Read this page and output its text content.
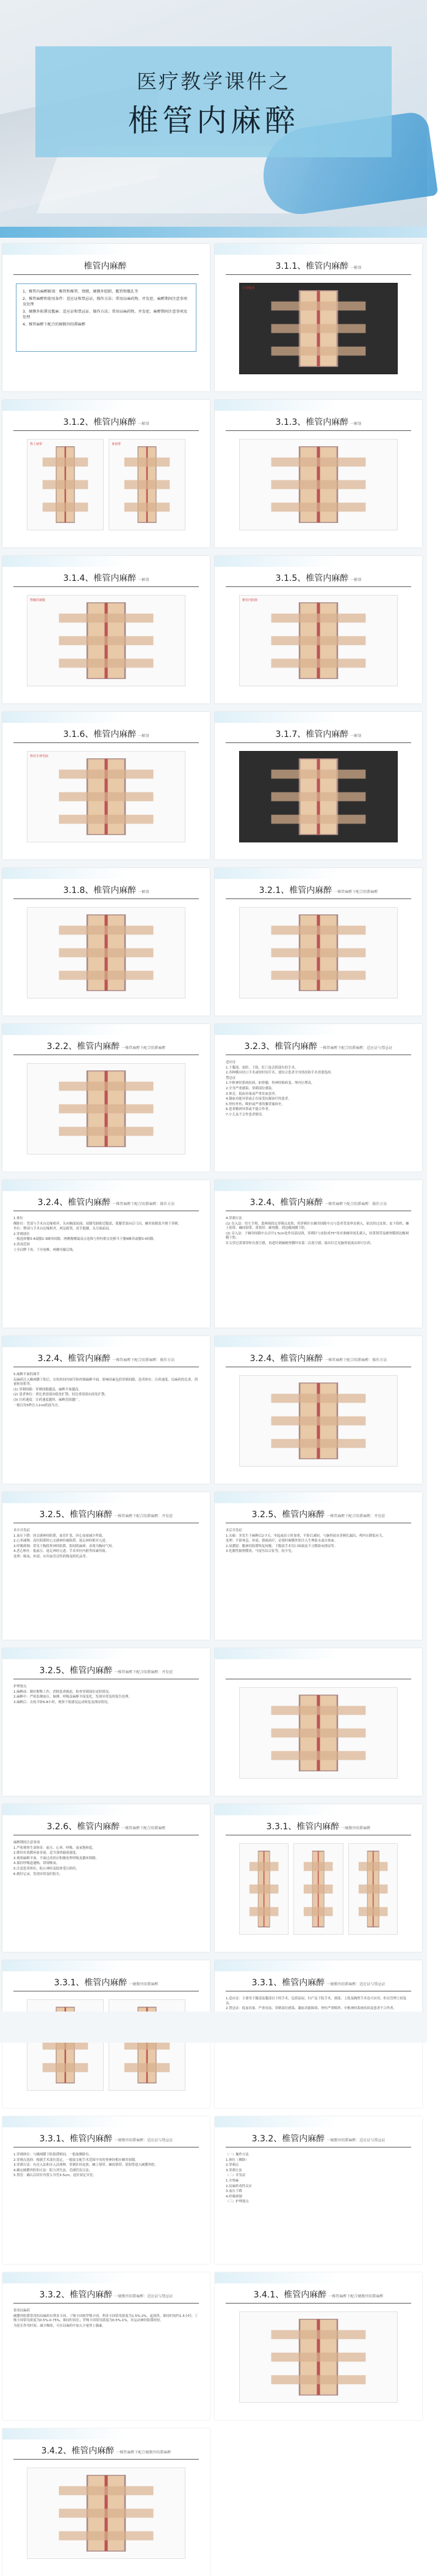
医疗教学课件之
椎管内麻醉
椎管内麻醉
1、椎管内麻醉解剖：椎管和椎管、脊膜、硬膜外腔隙、骶管和骶孔等
2、椎管麻醉和使用条件：适应证和禁忌证、操作方法；常用局麻药物、并发症、麻醉期间注意事项及处理
3、硬膜外阻滞及骶麻：适应证和禁忌证、操作方法；常用局麻药物、并发症、麻醉期间注意事项及处理
4、椎管麻醉下配合的硬膜外阻滞麻醉
3.1.1、椎管内麻醉 一解剖
正常解剖
3.1.2、椎管内麻醉 一解剖
脊上韧带	黄韧带
3.1.3、椎管内麻醉 一解剖
3.1.4、椎管内麻醉 一解剖
脊髓的被膜
3.1.5、椎管内麻醉 一解剖
椎管内腔隙
3.1.6、椎管内麻醉 一解剖
脊柱生理弯曲
3.1.7、椎管内麻醉 一解剖
3.1.8、椎管内麻醉 一解剖	3.2.1、椎管内麻醉 一椎管麻醉下配合阻滞麻醉
3.2.2、椎管内麻醉 一椎管麻醉下配合阻滞麻醉	3.2.3、椎管内麻醉 一椎管麻醉下配合阻滞麻醉：适应证与禁忌证

适应证

1.下腹部、盆腔、下肢、肛门及会阴部位的手术。

2.各种横向切口手术或短时间手术，要结合患者全身情况和手术需要选择。

禁忌证

1.中枢神经系统疾病，如脊髓、脊神经根病变、颅内压增高。

2.全身严重感染、穿刺部位感染。

3.休克、低血容量或严重贫血患者。

4.凝血功能异常或正在接受抗凝治疗的患者。

5.脊柱外伤、畸形或严重的腰背痛病史。

6.患者精神异常或不能合作者。

7.小儿及不合作患者慎用。

3.2.4、椎管内麻醉 一椎管麻醉下配合阻滞麻醉：操作方法

1.体位

侧卧位：背部与手术台边缘相齐，头向胸部屈曲，双膝弯曲贴近腹部，使腰背部向后弓出，棘突间隙张开便于穿刺。

坐位：臀部与手术台边缘相齐，两足踏凳，双手抱膝，头尽量前屈。

2.穿刺部位

一般选择腰3-4或腰2-3棘突间隙，两侧髂嵴最高点连线与脊柱相交处相当于腰4棘突或腰3-4间隙。

3.消毒范围

上至肩胛下角，下至尾椎，两侧至腋后线。

3.2.4、椎管内麻醉 一椎管麻醉下配合阻滞麻醉：操作方法

4.穿刺方法

(1) 直入法：用左手拇、食两指固定穿刺点皮肤，将穿刺针在棘突间隙中点与患者背部垂直刺入，依次经过皮肤、皮下组织、棘上韧带、棘间韧带、黄韧带、硬脊膜，到达蛛网膜下腔。

(2) 旁入法：于棘突间隙中点旁开1.5cm处作局部浸润，穿刺针与皮肤成75°角对准棘突间孔刺入，经黄韧带及硬脊膜到达蛛网膜下腔。

针尖穿过黄韧带时有落空感，再进针刺破硬脊膜时有第二次落空感，拔出针芯见脑脊液流出即可注药。

3.2.4、椎管内麻醉 一椎管麻醉下配合阻滞麻醉：操作方法

5.麻醉平面的调节

局麻药注入蛛网膜下腔后，在短时间内调节和控制麻醉平面，影响因素包括穿刺间隙、患者体位、注药速度、局麻药的比重、剂量和容积等。

(1) 穿刺间隙：穿刺间隙越高，麻醉平面越高。

(2) 患者体位：重比重溶液向低处扩散，轻比重溶液向高处扩散。

(3) 注药速度：注药速度越快，麻醉范围越广。

一般以每5秒注入1ml药液为宜。

3.2.4、椎管内麻醉 一椎管麻醉下配合阻滞麻醉：操作方法
3.2.5、椎管内麻醉 一椎管麻醉下配合阻滞麻醉：并发症

术中并发症

1.血压下降：因交感神经阻滞，血管扩张，回心血量减少所致。

2.心率减慢：高位阻滞时心交感神经被阻滞，迷走神经相对亢进。

3.呼吸抑制：常见于胸段脊神经阻滞，肋间肌麻痹，表现为胸闷气短。

4.恶心呕吐：低血压、迷走神经亢进、手术牵拉内脏等因素所致。

处理：吸氧、补液、应用血管活性药物及阿托品等。

3.2.5、椎管内麻醉 一椎管麻醉下配合阻滞麻醉：并发症

术后并发症

1.头痛：多发生于麻醉后2-7天，坐起或站立时加重，平卧后减轻。与脑脊液从穿刺孔漏出、颅内压降低有关。

处理：平卧休息、补液、镇痛治疗，必要时硬膜外腔注入生理盐水或自体血。

2.尿潴留：骶神经阻滞恢复较晚，下腹部手术切口疼痛及不习惯卧床排尿等。

3.化脓性脑脊膜炎、马尾丛综合征等，较少见。

3.2.5、椎管内麻醉 一椎管麻醉下配合阻滞麻醉：并发症

护理要点

1.麻醉前：做好解释工作，消除患者顾虑，检查穿刺部位皮肤情况。

2.麻醉中：严密监测血压、脉搏、呼吸及麻醉平面变化，发现异常及时报告处理。

3.麻醉后：去枕平卧6-8小时，观察下肢感觉运动恢复及排尿情况。

3.2.6、椎管内麻醉 一椎管麻醉下配合阻滞麻醉

麻醉期间注意事项

1.严密观察生命体征：血压、心率、呼吸、血氧饱和度。

2.维持有效循环血容量，适当加快输液速度。

3.观察麻醉平面，平面过高时应积极处理呼吸及循环抑制。

4.保持呼吸道通畅，常规吸氧。

5.注意患者体位，防止神经及肢体受压损伤。

6.做好记录，发现异常及时报告。

3.3.1、椎管内麻醉 一硬膜外阻滞麻醉
3.3.1、椎管内麻醉 一硬膜外阻滞麻醉	3.3.1、椎管内麻醉 一硬膜外阻滞麻醉：适应证与禁忌证

1.适应证：主要用于腹部及腹部以下的手术，包括泌尿、妇产及下肢手术。颈部、上肢及胸壁手术也可应用，但在管理上较复杂。

2.禁忌证：低血容量、严重贫血、穿刺部位感染、凝血功能障碍、脊柱严重畸形、中枢神经系统疾病及患者不合作者。

3.3.1、椎管内麻醉 一硬膜外阻滞麻醉：适应证与禁忌证

1.穿刺体位：与蛛网膜下腔阻滞相同，一般取侧卧位。

2.穿刺点选择：根据手术部位选定，一般取支配手术范围中央的脊神经相应棘突间隙。

3.穿刺方法：有直入法和旁入法两种，穿刺针经皮肤、棘上韧带、棘间韧带、黄韧带进入硬膜外腔。

4.确定硬膜外腔的方法：阻力消失法、毛细管负压法。

5.置管：确认后经针内置入导管3-5cm，退针固定导管。

3.3.2、椎管内麻醉 一硬膜外阻滞麻醉：适应证与禁忌证

（一）操作方法

1.体位（侧卧）

2.穿刺点

3.穿刺方法

（二）并发症

1.全脊麻

2.局麻药毒性反应

3.血压下降

4.呼吸抑制

（三）护理要点

3.3.2、椎管内麻醉 一硬膜外阻滞麻醉：适应证与禁忌证

常用局麻药

硬膜外阻滞常用的局麻药有利多卡因、丁哌卡因和罗哌卡因。利多卡因常用浓度为1.5%-2%，起效快，维持时间约1.5小时；丁哌卡因常用浓度为0.5%-0.75%，维持时间长；罗哌卡因常用浓度为0.5%-1%，对运动神经阻滞较轻。

为延长作用时间、减少吸收，可在局麻药中加入少量肾上腺素。

3.4.1、椎管内麻醉 一椎管麻醉下配合硬膜外阻滞麻醉
3.4.2、椎管内麻醉 一椎管麻醉下配合硬膜外阻滞麻醉
